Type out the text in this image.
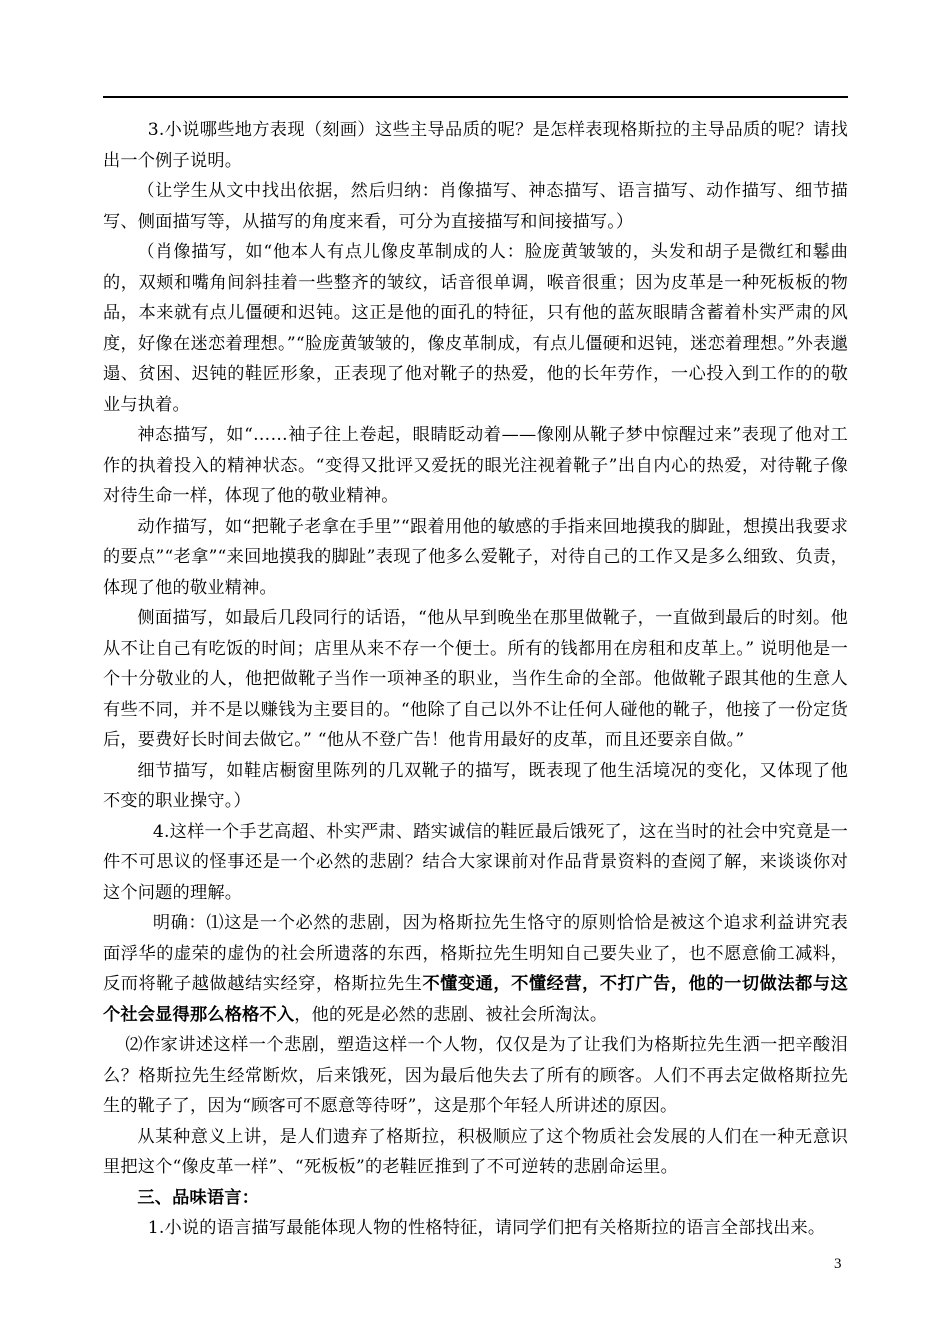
3.小说哪些地方表现（刻画）这些主导品质的呢？是怎样表现格斯拉的主导品质的呢？请找出一个例子说明。

（让学生从文中找出依据，然后归纳：肖像描写、神态描写、语言描写、动作描写、细节描写、侧面描写等，从描写的角度来看，可分为直接描写和间接描写。）

（肖像描写，如“他本人有点儿像皮革制成的人：脸庞黄皱皱的，头发和胡子是微红和鬈曲的，双颊和嘴角间斜挂着一些整齐的皱纹，话音很单调，喉音很重；因为皮革是一种死板板的物品，本来就有点儿僵硬和迟钝。这正是他的面孔的特征，只有他的蓝灰眼睛含蓄着朴实严肃的风度，好像在迷恋着理想。”“脸庞黄皱皱的，像皮革制成，有点儿僵硬和迟钝，迷恋着理想。”外表邋遢、贫困、迟钝的鞋匠形象，正表现了他对靴子的热爱，他的长年劳作，一心投入到工作的的敬业与执着。

神态描写，如“……袖子往上卷起，眼睛眨动着——像刚从靴子梦中惊醒过来”表现了他对工作的执着投入的精神状态。“变得又批评又爱抚的眼光注视着靴子”出自内心的热爱，对待靴子像对待生命一样，体现了他的敬业精神。

动作描写，如“把靴子老拿在手里”“跟着用他的敏感的手指来回地摸我的脚趾，想摸出我要求的要点”“老拿”“来回地摸我的脚趾”表现了他多么爱靴子，对待自己的工作又是多么细致、负责，体现了他的敬业精神。

侧面描写，如最后几段同行的话语，“他从早到晚坐在那里做靴子，一直做到最后的时刻。他从不让自己有吃饭的时间；店里从来不存一个便士。所有的钱都用在房租和皮革上。” 说明他是一个十分敬业的人，他把做靴子当作一项神圣的职业，当作生命的全部。他做靴子跟其他的生意人有些不同，并不是以赚钱为主要目的。“他除了自己以外不让任何人碰他的靴子，他接了一份定货后，要费好长时间去做它。” “他从不登广告！他肯用最好的皮革，而且还要亲自做。”

细节描写，如鞋店橱窗里陈列的几双靴子的描写，既表现了他生活境况的变化，又体现了他不变的职业操守。）

4.这样一个手艺高超、朴实严肃、踏实诚信的鞋匠最后饿死了，这在当时的社会中究竟是一件不可思议的怪事还是一个必然的悲剧？结合大家课前对作品背景资料的查阅了解，来谈谈你对这个问题的理解。

明确：⑴这是一个必然的悲剧，因为格斯拉先生恪守的原则恰恰是被这个追求利益讲究表面浮华的虚荣的虚伪的社会所遗落的东西，格斯拉先生明知自己要失业了，也不愿意偷工减料，反而将靴子越做越结实经穿，格斯拉先生不懂变通，不懂经营，不打广告，他的一切做法都与这个社会显得那么格格不入，他的死是必然的悲剧、被社会所淘汰。

⑵作家讲述这样一个悲剧，塑造这样一个人物，仅仅是为了让我们为格斯拉先生洒一把辛酸泪么？格斯拉先生经常断炊，后来饿死，因为最后他失去了所有的顾客。人们不再去定做格斯拉先生的靴子了，因为“顾客可不愿意等待呀”，这是那个年轻人所讲述的原因。

从某种意义上讲，是人们遗弃了格斯拉，积极顺应了这个物质社会发展的人们在一种无意识里把这个“像皮革一样”、“死板板”的老鞋匠推到了不可逆转的悲剧命运里。

三、品味语言：

1.小说的语言描写最能体现人物的性格特征，请同学们把有关格斯拉的语言全部找出来。

3
